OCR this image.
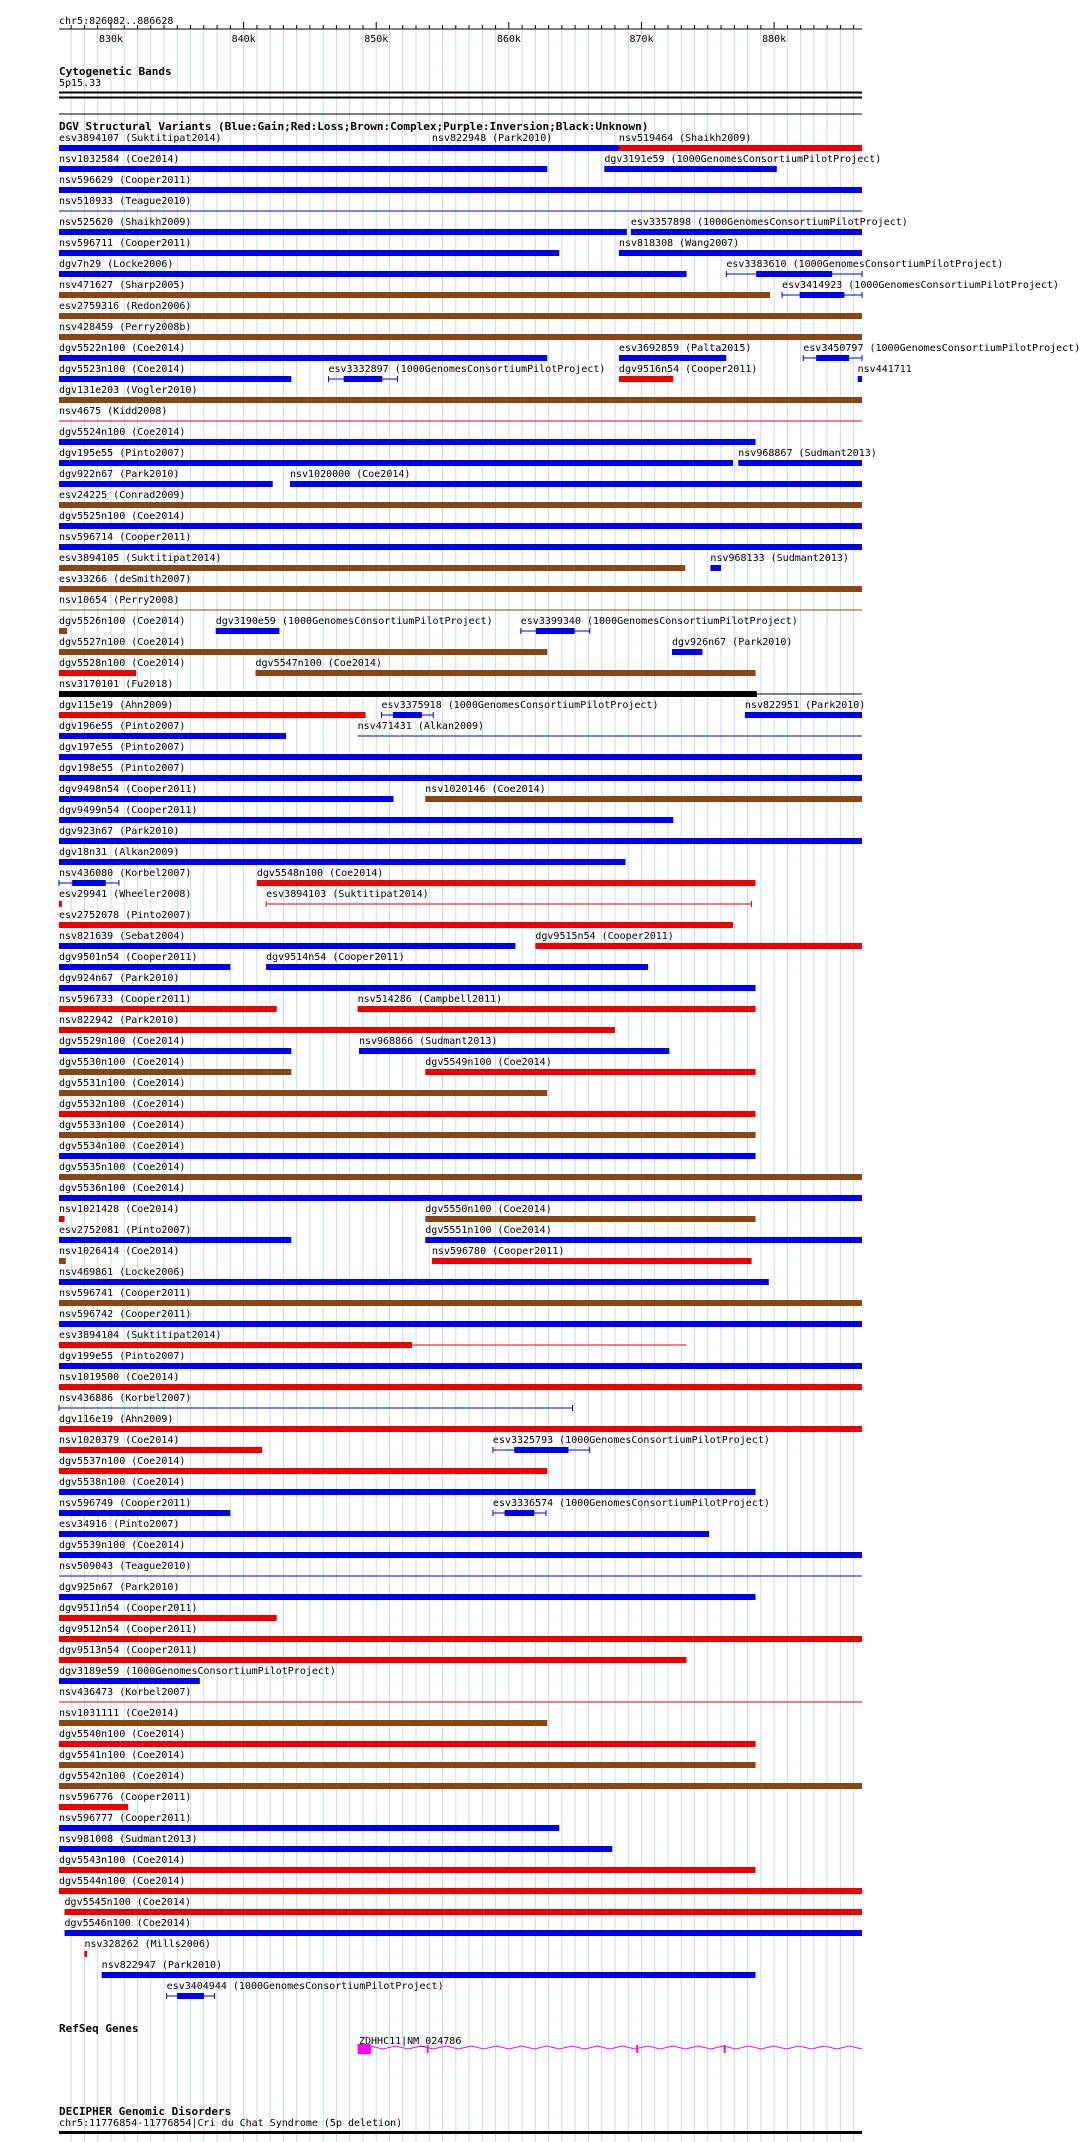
chr5:826082..886628
830k	840k	850k	860k	870k	880k
Cytogenetic Bands
5p15.33
DGV Structural Variants (Blue:Gain;Red:Loss;Brown:Complex;Purple:Inversion;Black:Unknown)
esv3894107 (Suktitipat2014)	nsv822948 (Park2010)	nsv519464 (Shaikh2009)
nsv1032584 (Coe2014)	dgv3191e59 (1000GenomesConsortiumPilotProject)
nsv596629 (Cooper2011)
nsv510933 (Teague2010)
nsv525620 (Shaikh2009)	esv3357898 (1000GenomesConsortiumPilotProject)
nsv596711 (Cooper2011)	nsv818308 (Wang2007)
dgv7n29 (Locke2006)	esv3383610 (1000GenomesConsortiumPilotProject)
nsv471627 (Sharp2005)	esv3414923 (1000GenomesConsortiumPilotProject)
esv2759316 (Redon2006)
nsv428459 (Perry2008b)
dgv5522n100 (Coe2014)	esv3692859 (Palta2015)	esv3450797 (1000GenomesConsortiumPilotProject)
dgv5523n100 (Coe2014)	esv3332897 (1000GenomesConsortiumPilotProject) dgv9516n54 (Cooper2011)	nsv441711
dgv131e203 (Vogler2010)
nsv4675 (Kidd2008)
dgv5524n100 (Coe2014)
dgv195e55 (Pinto2007)	nsv968867 (Sudmant2013)
dgv922n67 (Park2010)	nsv1020000 (Coe2014)
esv24225 (Conrad2009)
dgv5525n100 (Coe2014)
nsv596714 (Cooper2011)
esv3894105 (Suktitipat2014)	nsv968133 (Sudmant2013)
esv33266 (deSmith2007)
nsv10654 (Perry2008)
dgv5526n100 (Coe2014)	dgv3190e59 (1000GenomesConsortiumPilotProject)	esv3399340 (1000GenomesConsortiumPilotProject)
dgv5527n100 (Coe2014)	dgv926n67 (Park2010)
dgv5528n100 (Coe2014)	dgv5547n100 (Coe2014)
nsv3170101 (Fu2018)
dgv115e19 (Ahn2009)	esv3375918 (1000GenomesConsortiumPilotProject)	nsv822951 (Park2010)
dgv196e55 (Pinto2007)	nsv471431 (Alkan2009)
dgv197e55 (Pinto2007)
dgv198e55 (Pinto2007)
dgv9498n54 (Cooper2011)	nsv1020146 (Coe2014)
dgv9499n54 (Cooper2011)
dgv923n67 (Park2010)
dgv18n31 (Alkan2009)
nsv436080 (Korbel2007)	dgv5548n100 (Coe2014)
esv29941 (Wheeler2008)	esv3894103 (Suktitipat2014)
esv2752078 (Pinto2007)
nsv821639 (Sebat2004)	dgv9515n54 (Cooper2011)
dgv9501n54 (Cooper2011)	dgv9514n54 (Cooper2011)
dgv924n67 (Park2010)
nsv596733 (Cooper2011)	nsv514286 (Campbell2011)
nsv822942 (Park2010)
dgv5529n100 (Coe2014)	nsv968866 (Sudmant2013)
dgv5530n100 (Coe2014)	dgv5549n100 (Coe2014)
dgv5531n100 (Coe2014)
dgv5532n100 (Coe2014)
dgv5533n100 (Coe2014)
dgv5534n100 (Coe2014)
dgv5535n100 (Coe2014)
dgv5536n100 (Coe2014)
nsv1021428 (Coe2014)	dgv5550n100 (Coe2014)
esv2752081 (Pinto2007)	dgv5551n100 (Coe2014)
nsv1026414 (Coe2014)	nsv596780 (Cooper2011)
nsv469861 (Locke2006)
nsv596741 (Cooper2011)
nsv596742 (Cooper2011)
esv3894104 (Suktitipat2014)
dgv199e55 (Pinto2007)
nsv1019500 (Coe2014)
nsv436886 (Korbel2007)
dgv116e19 (Ahn2009)
nsv1020379 (Coe2014)	esv3325793 (1000GenomesConsortiumPilotProject)
dgv5537n100 (Coe2014)
dgv5538n100 (Coe2014)
nsv596749 (Cooper2011)	esv3336574 (1000GenomesConsortiumPilotProject)
esv34916 (Pinto2007)
dgv5539n100 (Coe2014)
nsv509043 (Teague2010)
dgv925n67 (Park2010)
dgv9511n54 (Cooper2011)
dgv9512n54 (Cooper2011)
dgv9513n54 (Cooper2011)
dgv3189e59 (1000GenomesConsortiumPilotProject)
nsv436473 (Korbel2007)
nsv1031111 (Coe2014)
dgv5540n100 (Coe2014)
dgv5541n100 (Coe2014)
dgv5542n100 (Coe2014)
nsv596776 (Cooper2011)
nsv596777 (Cooper2011)
nsv981008 (Sudmant2013)
dgv5543n100 (Coe2014)
dgv5544n100 (Coe2014)
dgv5545n100 (Coe2014)
dgv5546n100 (Coe2014)
nsv328262 (Mills2006)
nsv822947 (Park2010)
esv3404944 (1000GenomesConsortiumPilotProject)
RefSeq Genes
ZDHHC11|NM_024786
DECIPHER Genomic Disorders
chr5:11776854-11776854|Cri du Chat Syndrome (5p deletion)
